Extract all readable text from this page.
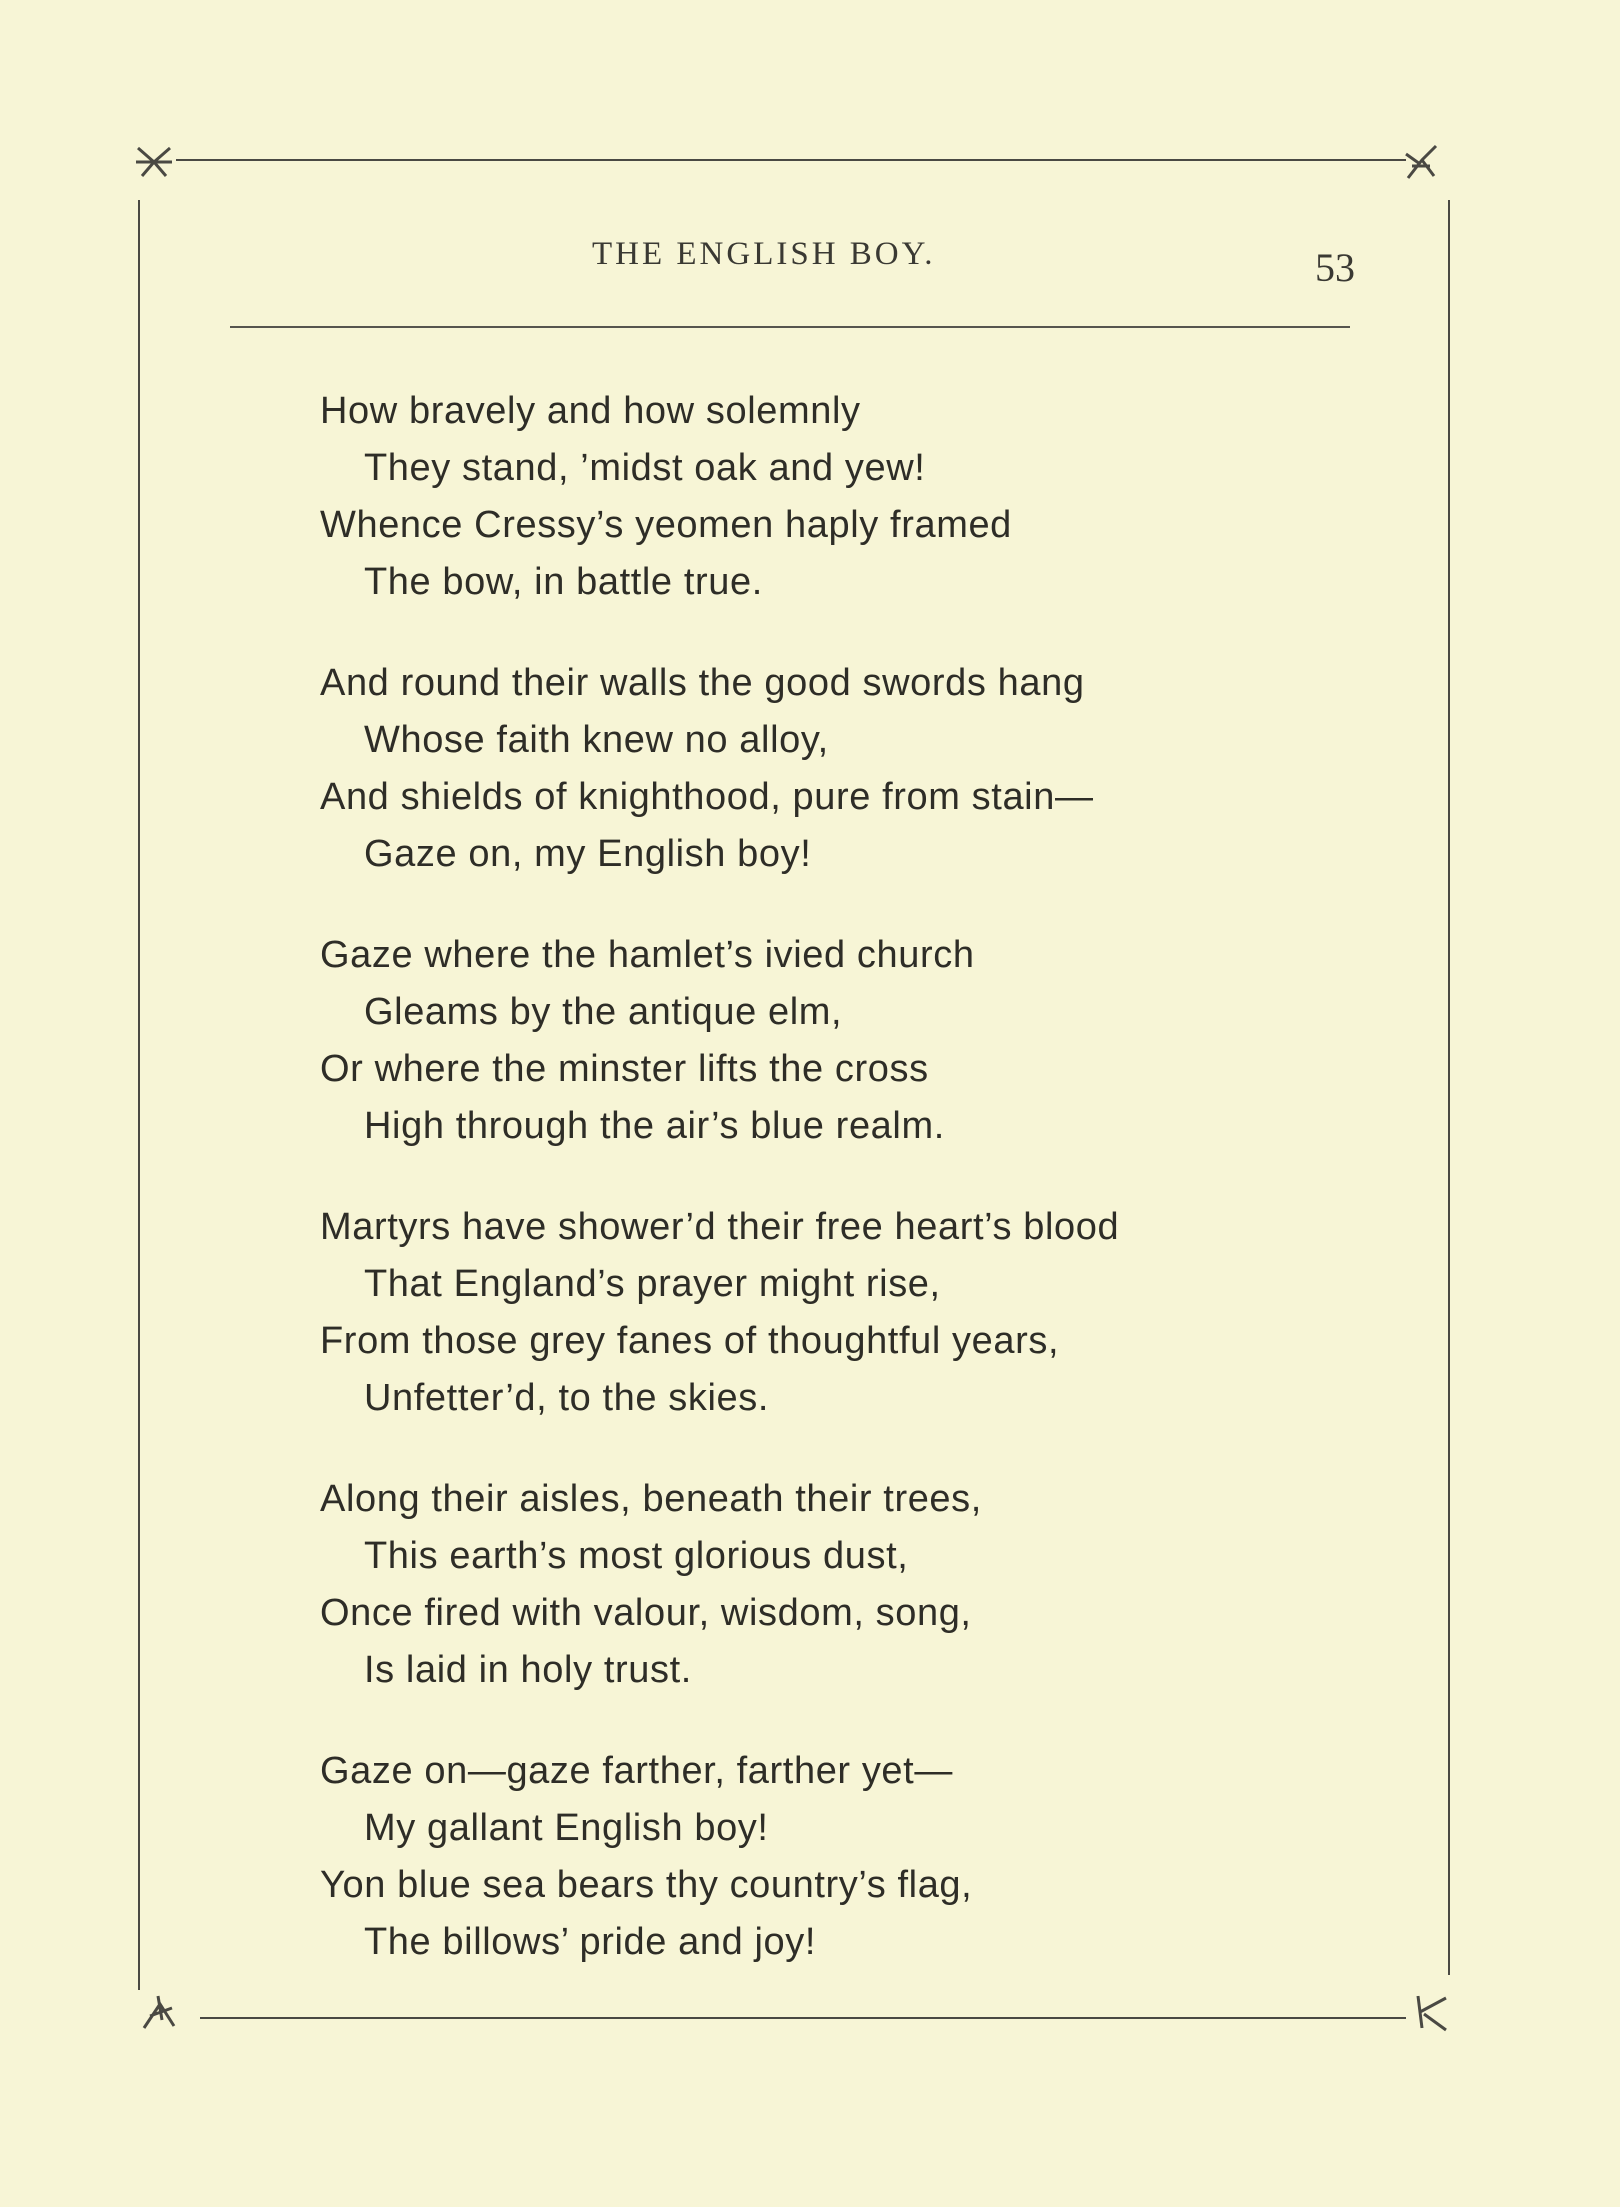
THE ENGLISH BOY.	53
How bravely and how solemnly
They stand, ’midst oak and yew!
Whence Cressy’s yeomen haply framed
The bow, in battle true.
And round their walls the good swords hang
Whose faith knew no alloy,
And shields of knighthood, pure from stain—
Gaze on, my English boy!
Gaze where the hamlet’s ivied church
Gleams by the antique elm,
Or where the minster lifts the cross
High through the air’s blue realm.
Martyrs have shower’d their free heart’s blood
That England’s prayer might rise,
From those grey fanes of thoughtful years,
Unfetter’d, to the skies.
Along their aisles, beneath their trees,
This earth’s most glorious dust,
Once fired with valour, wisdom, song,
Is laid in holy trust.
Gaze on—gaze farther, farther yet—
My gallant English boy!
Yon blue sea bears thy country’s flag,
The billows’ pride and joy!
